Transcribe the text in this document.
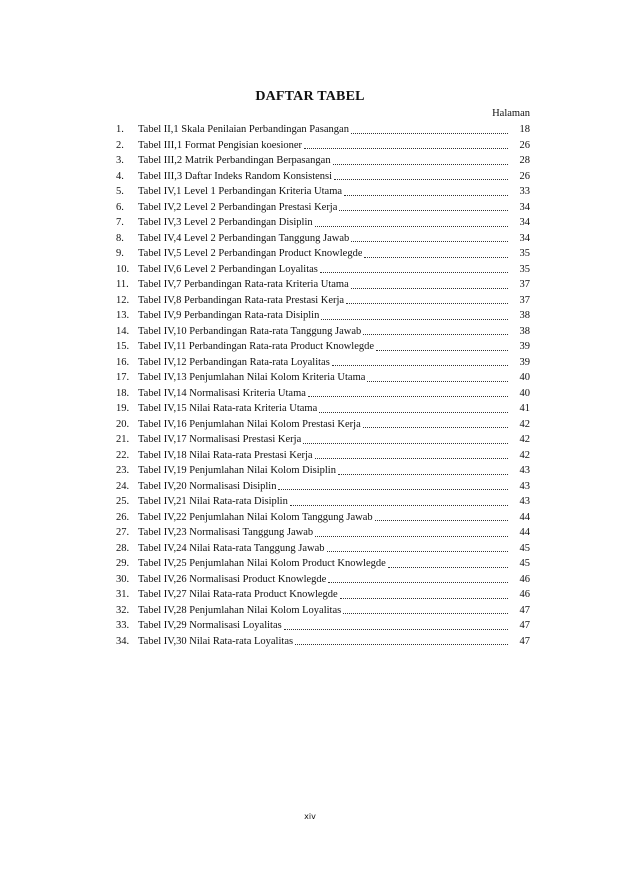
DAFTAR TABEL
Halaman
1.	Tabel II,1 Skala Penilaian Perbandingan Pasangan	18
2.	Tabel III,1 Format Pengisian koesioner	26
3.	Tabel III,2 Matrik Perbandingan Berpasangan	28
4.	Tabel III,3 Daftar Indeks Random Konsistensi	26
5.	Tabel IV,1 Level 1 Perbandingan Kriteria Utama	33
6.	Tabel IV,2 Level 2 Perbandingan Prestasi Kerja	34
7.	Tabel IV,3 Level 2 Perbandingan Disiplin	34
8.	Tabel IV,4 Level 2 Perbandingan Tanggung Jawab	34
9.	Tabel IV,5 Level 2 Perbandingan Product Knowlegde	35
10. Tabel IV,6 Level 2 Perbandingan Loyalitas	35
11. Tabel IV,7 Perbandingan Rata-rata Kriteria Utama	37
12. Tabel IV,8 Perbandingan Rata-rata Prestasi Kerja	37
13. Tabel IV,9 Perbandingan Rata-rata Disiplin	38
14. Tabel IV,10 Perbandingan Rata-rata Tanggung Jawab	38
15. Tabel IV,11 Perbandingan Rata-rata Product Knowlegde	39
16. Tabel IV,12 Perbandingan Rata-rata Loyalitas	39
17. Tabel IV,13 Penjumlahan Nilai Kolom Kriteria Utama	40
18. Tabel IV,14 Normalisasi Kriteria Utama	40
19. Tabel IV,15 Nilai Rata-rata Kriteria Utama	41
20. Tabel IV,16 Penjumlahan Nilai Kolom Prestasi Kerja	42
21. Tabel IV,17 Normalisasi Prestasi Kerja	42
22. Tabel IV,18 Nilai Rata-rata Prestasi Kerja	42
23. Tabel IV,19 Penjumlahan Nilai Kolom Disiplin	43
24. Tabel IV,20 Normalisasi Disiplin	43
25. Tabel IV,21 Nilai Rata-rata Disiplin	43
26. Tabel IV,22 Penjumlahan Nilai Kolom Tanggung Jawab	44
27. Tabel IV,23 Normalisasi Tanggung Jawab	44
28. Tabel IV,24 Nilai Rata-rata Tanggung Jawab	45
29. Tabel IV,25 Penjumlahan Nilai Kolom Product Knowlegde	45
30. Tabel IV,26 Normalisasi Product Knowlegde	46
31. Tabel IV,27 Nilai Rata-rata Product Knowlegde	46
32. Tabel IV,28 Penjumlahan Nilai Kolom Loyalitas	47
33. Tabel IV,29 Normalisasi Loyalitas	47
34. Tabel IV,30 Nilai Rata-rata Loyalitas	47
xiv
